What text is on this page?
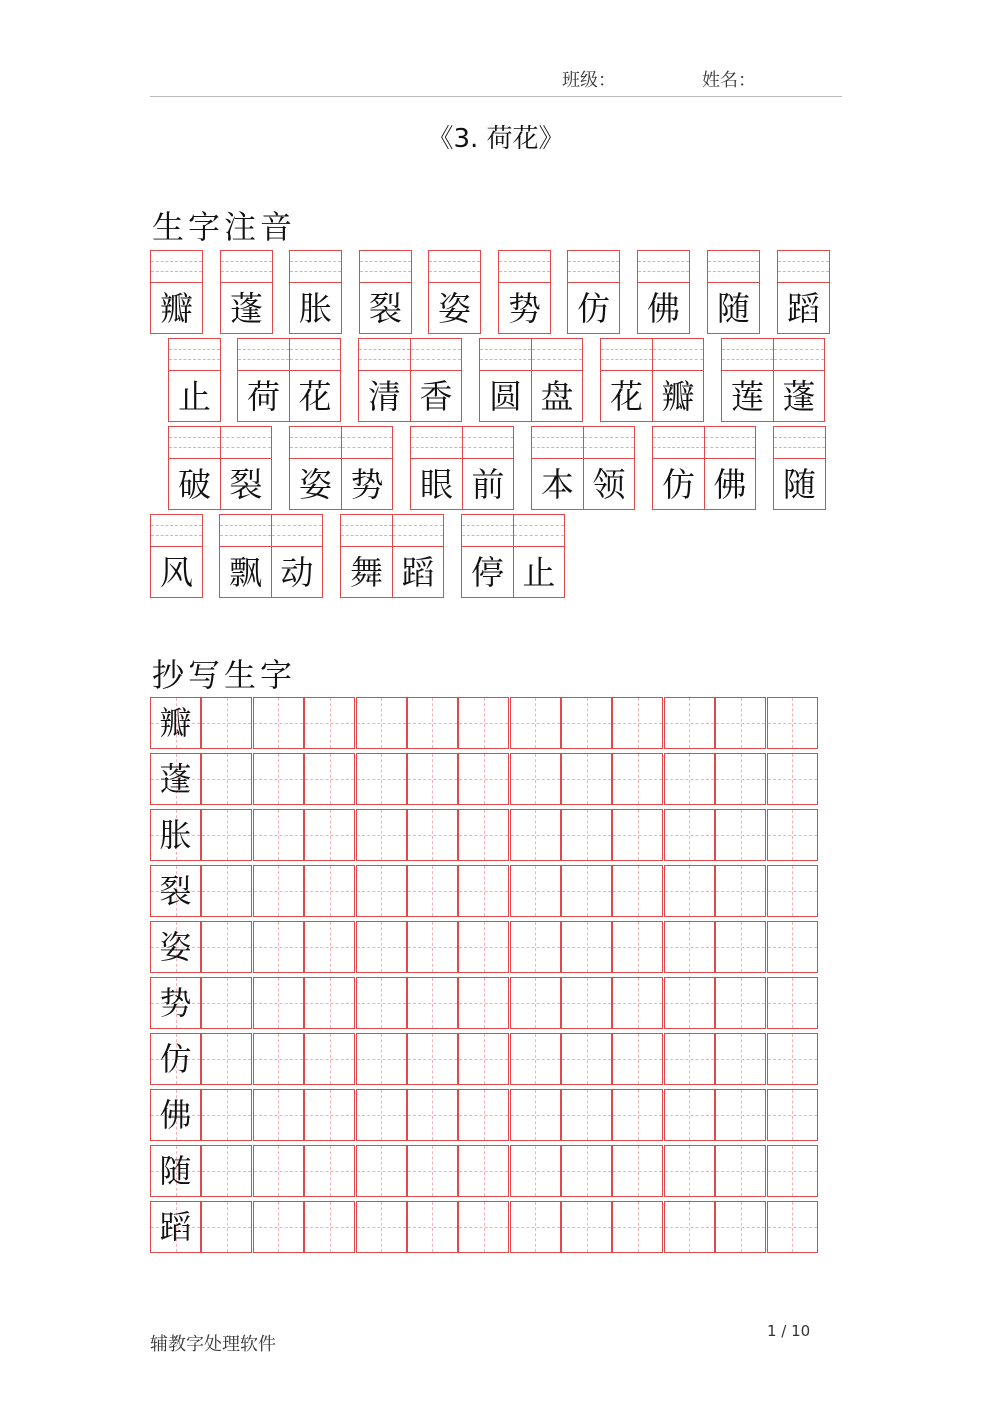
班级：	姓名：
《3. 荷花》
生字注音
瓣 蓬 胀 裂 姿 势 仿 佛 随 蹈
止 荷 花 清 香 圆 盘 花 瓣 莲 蓬
破 裂 姿 势 眼 前 本 领 仿 佛 随
风 飘 动 舞 蹈 停 止
抄写生字
瓣
蓬
胀
裂
姿
势
仿
佛
随
蹈
辅教字处理软件
1 / 10
